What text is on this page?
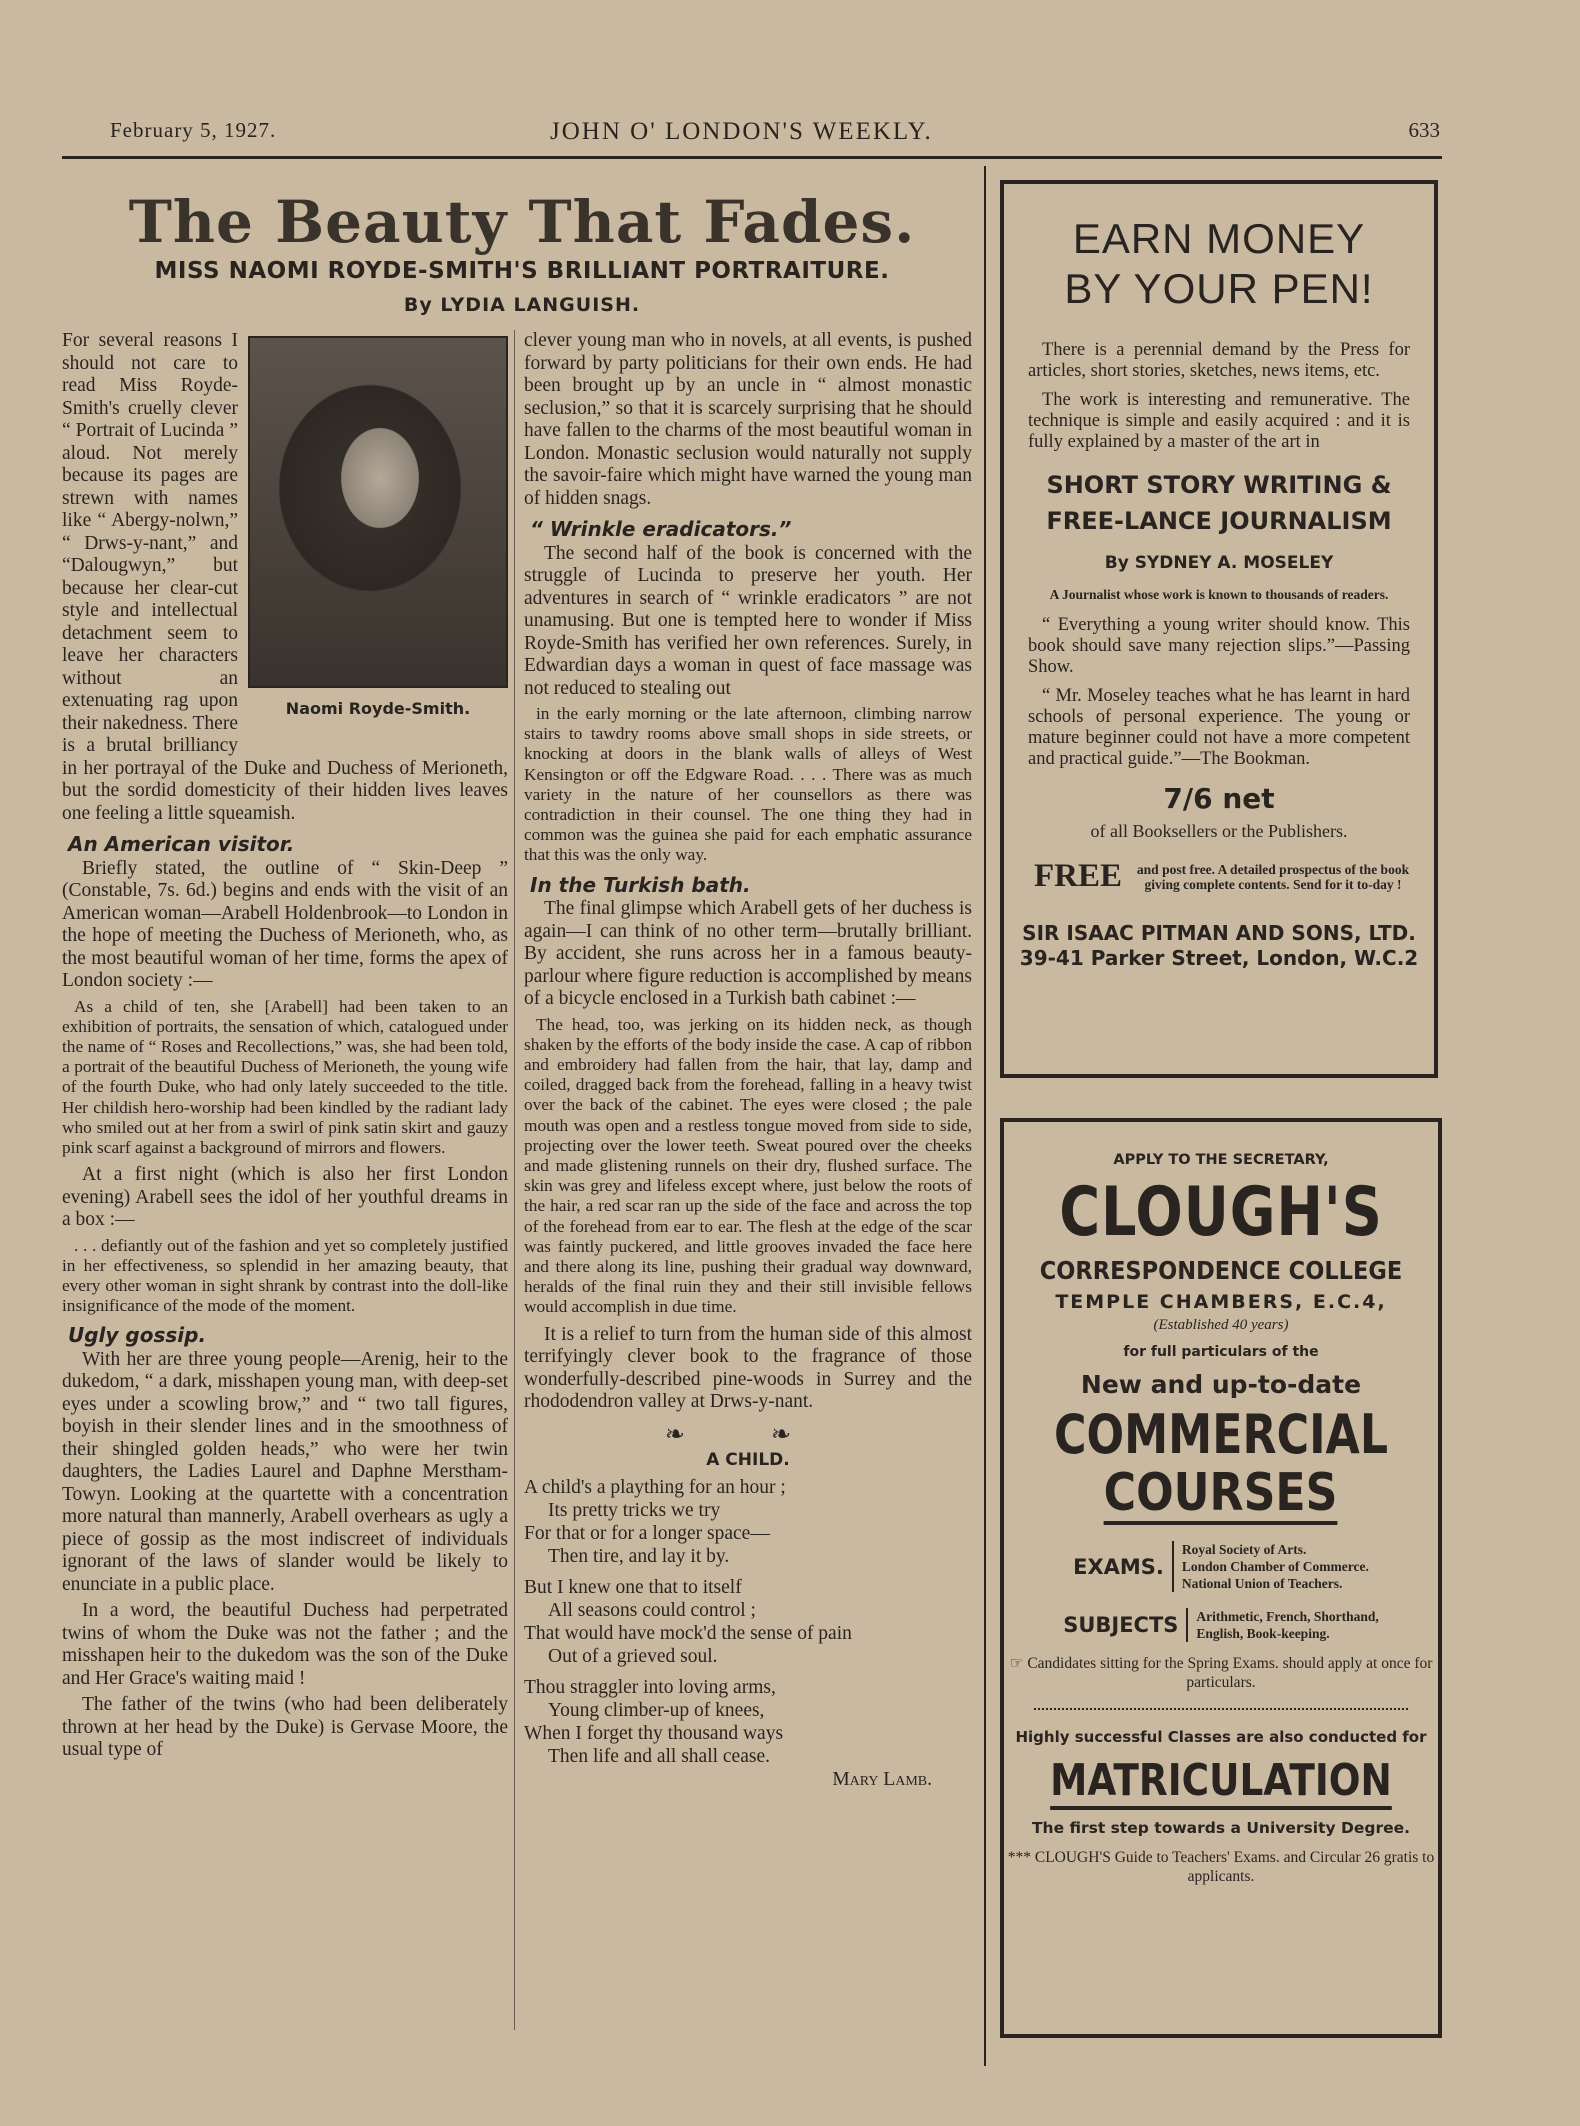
February 5, 1927.	JOHN O' LONDON'S WEEKLY.	633
The Beauty That Fades.
MISS NAOMI ROYDE-SMITH'S BRILLIANT PORTRAITURE.
By LYDIA LANGUISH.
Naomi Royde-Smith.

For several reasons I should not care to read Miss Royde-Smith's cruelly clever “ Portrait of Lucinda ” aloud. Not merely because its pages are strewn with names like “ Abergy-nolwn,” “ Drws-y-nant,” and “Dalougwyn,” but because her clear-cut style and intellectual detachment seem to leave her characters without an extenuating rag upon their nakedness. There is a brutal brilliancy in her portrayal of the Duke and Duchess of Merioneth, but the sordid domesticity of their hidden lives leaves one feeling a little squeamish.

An American visitor.

Briefly stated, the outline of “ Skin-Deep ” (Constable, 7s. 6d.) begins and ends with the visit of an American woman—Arabell Holdenbrook—to London in the hope of meeting the Duchess of Merioneth, who, as the most beautiful woman of her time, forms the apex of London society :—

As a child of ten, she [Arabell] had been taken to an exhibition of portraits, the sensation of which, catalogued under the name of “ Roses and Recollections,” was, she had been told, a portrait of the beautiful Duchess of Merioneth, the young wife of the fourth Duke, who had only lately succeeded to the title. Her childish hero-worship had been kindled by the radiant lady who smiled out at her from a swirl of pink satin skirt and gauzy pink scarf against a background of mirrors and flowers.

At a first night (which is also her first London evening) Arabell sees the idol of her youthful dreams in a box :—

. . . defiantly out of the fashion and yet so completely justified in her effectiveness, so splendid in her amazing beauty, that every other woman in sight shrank by contrast into the doll-like insignificance of the mode of the moment.

Ugly gossip.

With her are three young people—Arenig, heir to the dukedom, “ a dark, misshapen young man, with deep-set eyes under a scowling brow,” and “ two tall figures, boyish in their slender lines and in the smoothness of their shingled golden heads,” who were her twin daughters, the Ladies Laurel and Daphne Merstham-Towyn. Looking at the quartette with a concentration more natural than mannerly, Arabell overhears as ugly a piece of gossip as the most indiscreet of individuals ignorant of the laws of slander would be likely to enunciate in a public place.

In a word, the beautiful Duchess had perpetrated twins of whom the Duke was not the father ; and the misshapen heir to the dukedom was the son of the Duke and Her Grace's waiting maid !

The father of the twins (who had been deliberately thrown at her head by the Duke) is Gervase Moore, the usual type of

clever young man who in novels, at all events, is pushed forward by party politicians for their own ends. He had been brought up by an uncle in “ almost monastic seclusion,” so that it is scarcely surprising that he should have fallen to the charms of the most beautiful woman in London. Monastic seclusion would naturally not supply the savoir-faire which might have warned the young man of hidden snags.

“ Wrinkle eradicators.”

The second half of the book is concerned with the struggle of Lucinda to preserve her youth. Her adventures in search of “ wrinkle eradicators ” are not unamusing. But one is tempted here to wonder if Miss Royde-Smith has verified her own references. Surely, in Edwardian days a woman in quest of face massage was not reduced to stealing out

in the early morning or the late afternoon, climbing narrow stairs to tawdry rooms above small shops in side streets, or knocking at doors in the blank walls of alleys of West Kensington or off the Edgware Road. . . . There was as much variety in the nature of her counsellors as there was contradiction in their counsel. The one thing they had in common was the guinea she paid for each emphatic assurance that this was the only way.

In the Turkish bath.

The final glimpse which Arabell gets of her duchess is again—I can think of no other term—brutally brilliant. By accident, she runs across her in a famous beauty-parlour where figure reduction is accomplished by means of a bicycle enclosed in a Turkish bath cabinet :—

The head, too, was jerking on its hidden neck, as though shaken by the efforts of the body inside the case. A cap of ribbon and embroidery had fallen from the hair, that lay, damp and coiled, dragged back from the forehead, falling in a heavy twist over the back of the cabinet. The eyes were closed ; the pale mouth was open and a restless tongue moved from side to side, projecting over the lower teeth. Sweat poured over the cheeks and made glistening runnels on their dry, flushed surface. The skin was grey and lifeless except where, just below the roots of the hair, a red scar ran up the side of the face and across the top of the forehead from ear to ear. The flesh at the edge of the scar was faintly puckered, and little grooves invaded the face here and there along its line, pushing their gradual way downward, heralds of the final ruin they and their still invisible fellows would accomplish in due time.

It is a relief to turn from the human side of this almost terrifyingly clever book to the fragrance of those wonderfully-described pine-woods in Surrey and the rhododendron valley at Drws-y-nant.

❧ ❧
A CHILD.
A child's a plaything for an hour ;
Its pretty tricks we try
For that or for a longer space—
Then tire, and lay it by.
But I knew one that to itself
All seasons could control ;
That would have mock'd the sense of pain
Out of a grieved soul.
Thou straggler into loving arms,
Young climber-up of knees,
When I forget thy thousand ways
Then life and all shall cease.
Mary Lamb.
EARN MONEY
BY YOUR PEN!

There is a perennial demand by the Press for articles, short stories, sketches, news items, etc.

The work is interesting and remunerative. The technique is simple and easily acquired : and it is fully explained by a master of the art in

SHORT STORY WRITING &
FREE-LANCE JOURNALISM
By SYDNEY A. MOSELEY
A Journalist whose work is known to thousands of readers.

“ Everything a young writer should know. This book should save many rejection slips.”—Passing Show.

“ Mr. Moseley teaches what he has learnt in hard schools of personal experience. The young or mature beginner could not have a more competent and practical guide.”—The Bookman.

7/6 net
of all Booksellers or the Publishers.
FREE and post free. A detailed prospectus of the book giving complete contents. Send for it to-day !
SIR ISAAC PITMAN AND SONS, LTD.
39-41 Parker Street, London, W.C.2
APPLY TO THE SECRETARY,
CLOUGH'S
CORRESPONDENCE COLLEGE
TEMPLE CHAMBERS, E.C.4,
(Established 40 years)
for full particulars of the
New and up-to-date
COMMERCIAL
COURSES
EXAMS.
Royal Society of Arts.
London Chamber of Commerce.
National Union of Teachers.
SUBJECTS Arithmetic, French, Shorthand,
English, Book-keeping.
☞ Candidates sitting for the Spring Exams. should apply at once for particulars.
Highly successful Classes are also conducted for
MATRICULATION
The first step towards a University Degree.
*** CLOUGH'S Guide to Teachers' Exams. and Circular 26 gratis to applicants.
